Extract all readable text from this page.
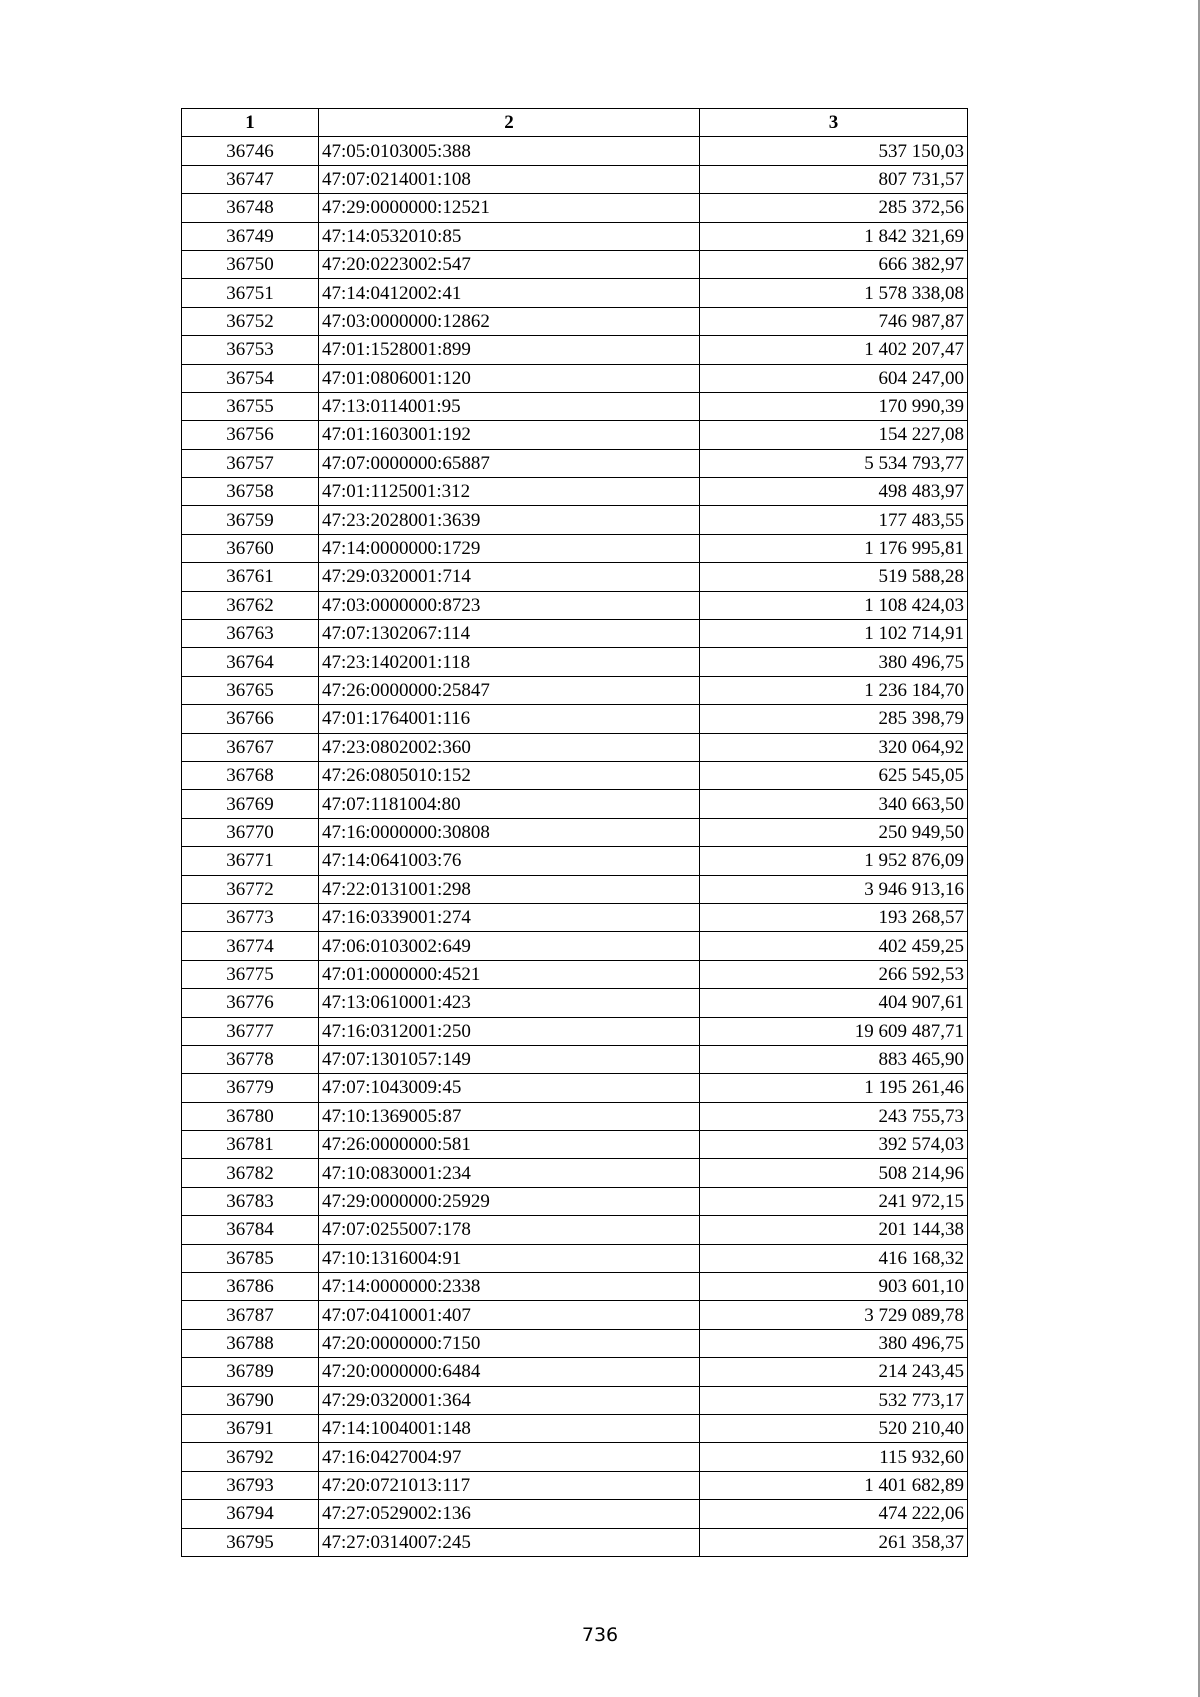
1	2	3
36746	47:05:0103005:388	537 150,03
36747	47:07:0214001:108	807 731,57
36748	47:29:0000000:12521	285 372,56
36749	47:14:0532010:85	1 842 321,69
36750	47:20:0223002:547	666 382,97
36751	47:14:0412002:41	1 578 338,08
36752	47:03:0000000:12862	746 987,87
36753	47:01:1528001:899	1 402 207,47
36754	47:01:0806001:120	604 247,00
36755	47:13:0114001:95	170 990,39
36756	47:01:1603001:192	154 227,08
36757	47:07:0000000:65887	5 534 793,77
36758	47:01:1125001:312	498 483,97
36759	47:23:2028001:3639	177 483,55
36760	47:14:0000000:1729	1 176 995,81
36761	47:29:0320001:714	519 588,28
36762	47:03:0000000:8723	1 108 424,03
36763	47:07:1302067:114	1 102 714,91
36764	47:23:1402001:118	380 496,75
36765	47:26:0000000:25847	1 236 184,70
36766	47:01:1764001:116	285 398,79
36767	47:23:0802002:360	320 064,92
36768	47:26:0805010:152	625 545,05
36769	47:07:1181004:80	340 663,50
36770	47:16:0000000:30808	250 949,50
36771	47:14:0641003:76	1 952 876,09
36772	47:22:0131001:298	3 946 913,16
36773	47:16:0339001:274	193 268,57
36774	47:06:0103002:649	402 459,25
36775	47:01:0000000:4521	266 592,53
36776	47:13:0610001:423	404 907,61
36777	47:16:0312001:250	19 609 487,71
36778	47:07:1301057:149	883 465,90
36779	47:07:1043009:45	1 195 261,46
36780	47:10:1369005:87	243 755,73
36781	47:26:0000000:581	392 574,03
36782	47:10:0830001:234	508 214,96
36783	47:29:0000000:25929	241 972,15
36784	47:07:0255007:178	201 144,38
36785	47:10:1316004:91	416 168,32
36786	47:14:0000000:2338	903 601,10
36787	47:07:0410001:407	3 729 089,78
36788	47:20:0000000:7150	380 496,75
36789	47:20:0000000:6484	214 243,45
36790	47:29:0320001:364	532 773,17
36791	47:14:1004001:148	520 210,40
36792	47:16:0427004:97	115 932,60
36793	47:20:0721013:117	1 401 682,89
36794	47:27:0529002:136	474 222,06
36795	47:27:0314007:245	261 358,37
736
